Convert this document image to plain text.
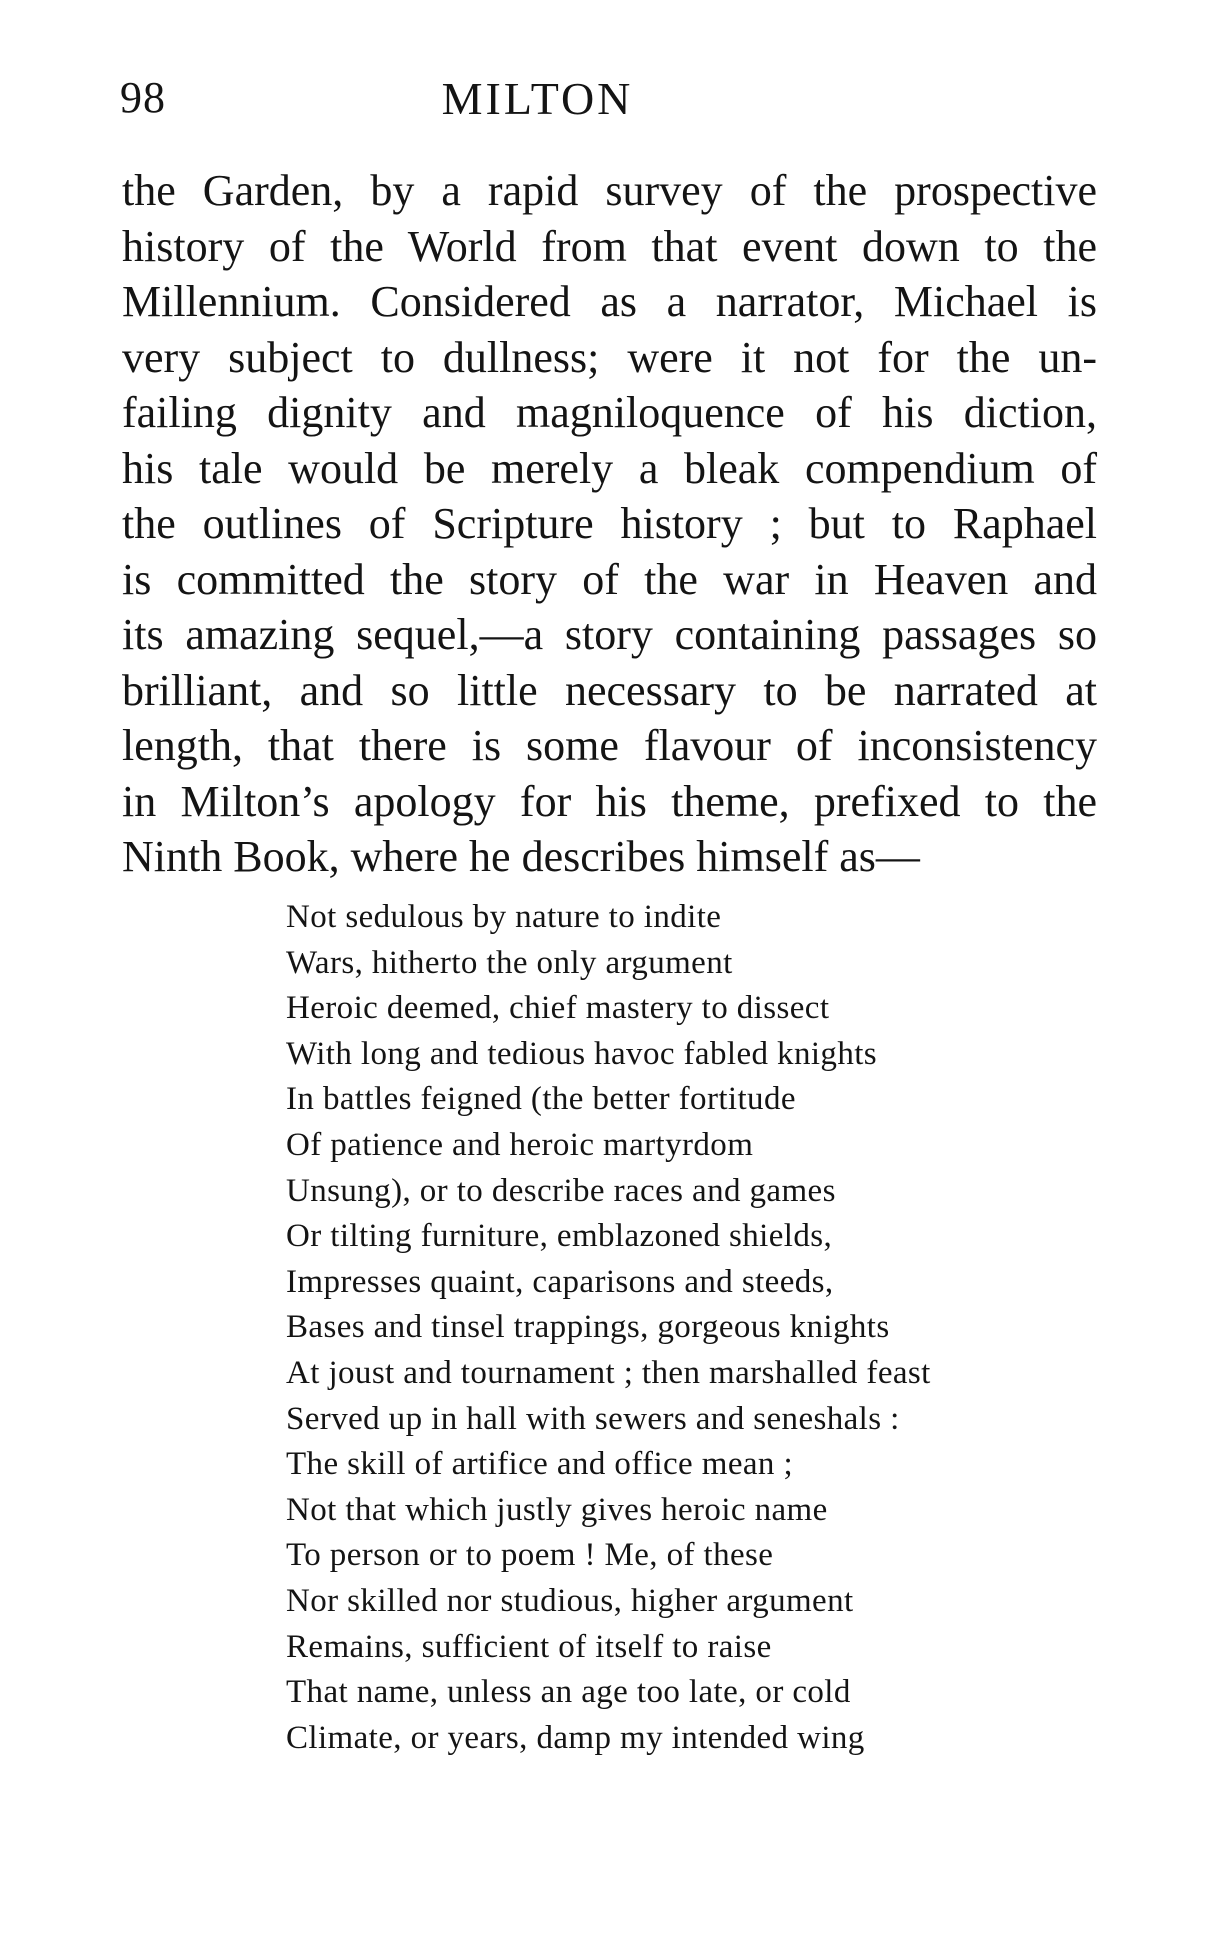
98	MILTON
the Garden, by a rapid survey of the prospective
history of the World from that event down to the
Millennium. Considered as a narrator, Michael is
very subject to dullness; were it not for the un-
failing dignity and magniloquence of his diction,
his tale would be merely a bleak compendium of
the outlines of Scripture history ; but to Raphael
is committed the story of the war in Heaven and
its amazing sequel,—a story containing passages so
brilliant, and so little necessary to be narrated at
length, that there is some flavour of inconsistency
in Milton’s apology for his theme, prefixed to the
Ninth Book, where he describes himself as—
Not sedulous by nature to indite
Wars, hitherto the only argument
Heroic deemed, chief mastery to dissect
With long and tedious havoc fabled knights
In battles feigned (the better fortitude
Of patience and heroic martyrdom
Unsung), or to describe races and games
Or tilting furniture, emblazoned shields,
Impresses quaint, caparisons and steeds,
Bases and tinsel trappings, gorgeous knights
At joust and tournament ; then marshalled feast
Served up in hall with sewers and seneshals :
The skill of artifice and office mean ;
Not that which justly gives heroic name
To person or to poem ! Me, of these
Nor skilled nor studious, higher argument
Remains, sufficient of itself to raise
That name, unless an age too late, or cold
Climate, or years, damp my intended wing
